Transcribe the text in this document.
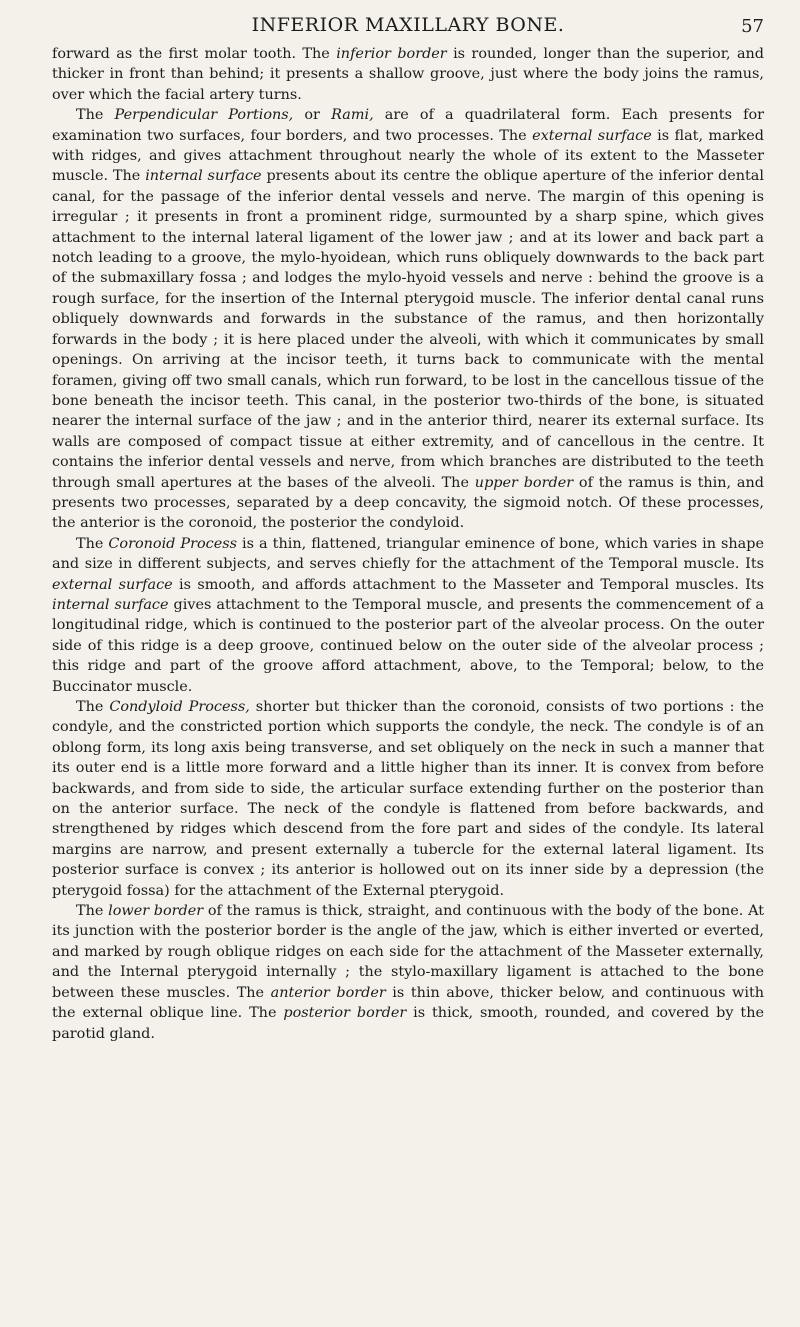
INFERIOR MAXILLARY BONE.	57

forward as the first molar tooth. The inferior border is rounded, longer than the superior, and thicker in front than behind; it presents a shallow groove, just where the body joins the ramus, over which the facial artery turns.

The Perpendicular Portions, or Rami, are of a quadrilateral form. Each presents for examination two surfaces, four borders, and two processes. The external surface is flat, marked with ridges, and gives attachment throughout nearly the whole of its extent to the Masseter muscle. The internal surface presents about its centre the oblique aperture of the inferior dental canal, for the passage of the inferior dental vessels and nerve. The margin of this opening is irregular ; it presents in front a prominent ridge, surmounted by a sharp spine, which gives attachment to the internal lateral ligament of the lower jaw ; and at its lower and back part a notch leading to a groove, the mylo-hyoidean, which runs obliquely downwards to the back part of the submaxillary fossa ; and lodges the mylo-hyoid vessels and nerve : behind the groove is a rough surface, for the insertion of the Internal pterygoid muscle. The inferior dental canal runs obliquely downwards and forwards in the substance of the ramus, and then horizontally forwards in the body ; it is here placed under the alveoli, with which it communicates by small openings. On arriving at the incisor teeth, it turns back to communicate with the mental foramen, giving off two small canals, which run forward, to be lost in the cancellous tissue of the bone beneath the incisor teeth. This canal, in the posterior two-thirds of the bone, is situated nearer the internal surface of the jaw ; and in the anterior third, nearer its external surface. Its walls are composed of compact tissue at either extremity, and of cancellous in the centre. It contains the inferior dental vessels and nerve, from which branches are distributed to the teeth through small apertures at the bases of the alveoli. The upper border of the ramus is thin, and presents two processes, separated by a deep concavity, the sigmoid notch. Of these processes, the anterior is the coronoid, the posterior the condyloid.

The Coronoid Process is a thin, flattened, triangular eminence of bone, which varies in shape and size in different subjects, and serves chiefly for the attachment of the Temporal muscle. Its external surface is smooth, and affords attachment to the Masseter and Temporal muscles. Its internal surface gives attachment to the Temporal muscle, and presents the commencement of a longitudinal ridge, which is continued to the posterior part of the alveolar process. On the outer side of this ridge is a deep groove, continued below on the outer side of the alveolar process ; this ridge and part of the groove afford attachment, above, to the Temporal; below, to the Buccinator muscle.

The Condyloid Process, shorter but thicker than the coronoid, consists of two portions : the condyle, and the constricted portion which supports the condyle, the neck. The condyle is of an oblong form, its long axis being transverse, and set obliquely on the neck in such a manner that its outer end is a little more forward and a little higher than its inner. It is convex from before backwards, and from side to side, the articular surface extending further on the posterior than on the anterior surface. The neck of the condyle is flattened from before backwards, and strengthened by ridges which descend from the fore part and sides of the condyle. Its lateral margins are narrow, and present externally a tubercle for the external lateral ligament. Its posterior surface is convex ; its anterior is hollowed out on its inner side by a depression (the pterygoid fossa) for the attachment of the External pterygoid.

The lower border of the ramus is thick, straight, and continuous with the body of the bone. At its junction with the posterior border is the angle of the jaw, which is either inverted or everted, and marked by rough oblique ridges on each side for the attachment of the Masseter externally, and the Internal pterygoid internally ; the stylo-maxillary ligament is attached to the bone between these muscles. The anterior border is thin above, thicker below, and continuous with the external oblique line. The posterior border is thick, smooth, rounded, and covered by the parotid gland.
